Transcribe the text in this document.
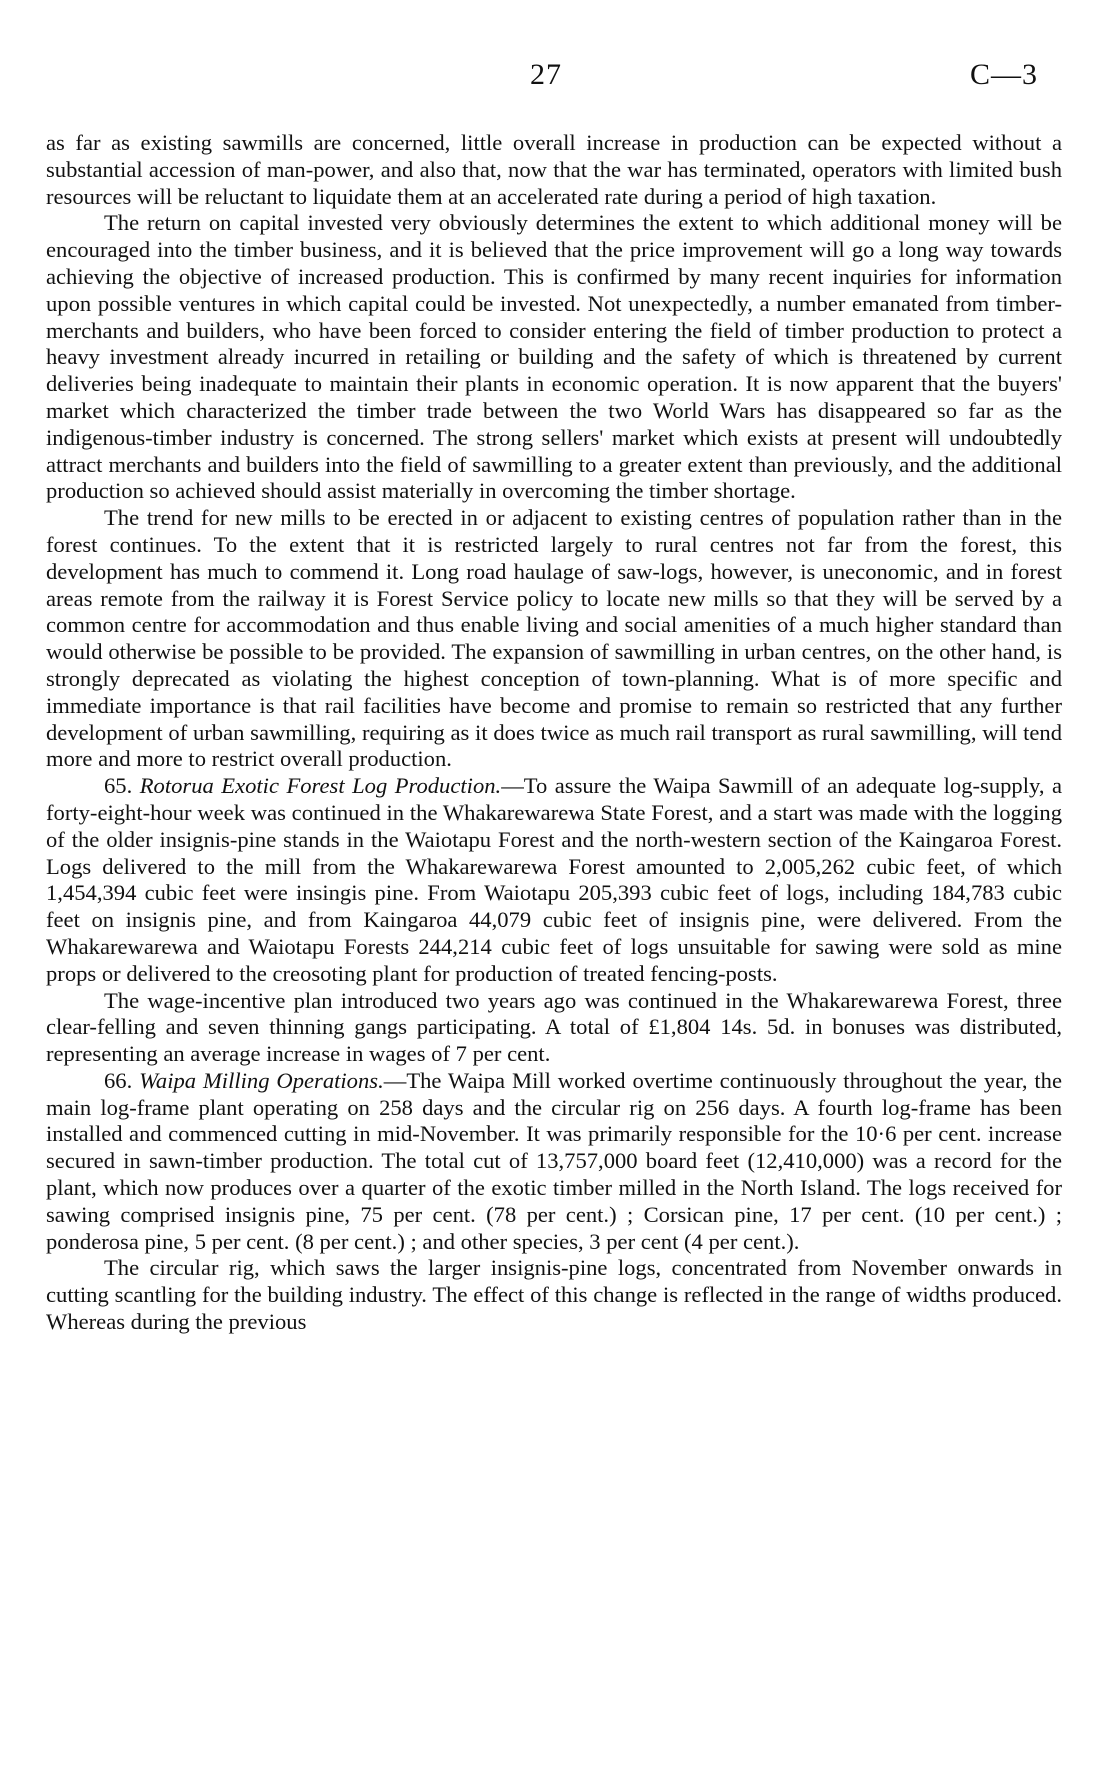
27	C—3

as far as existing sawmills are concerned, little overall increase in production can be expected without a substantial accession of man-power, and also that, now that the war has terminated, operators with limited bush resources will be reluctant to liquidate them at an accelerated rate during a period of high taxation.

The return on capital invested very obviously determines the extent to which additional money will be encouraged into the timber business, and it is believed that the price improvement will go a long way towards achieving the objective of increased production. This is confirmed by many recent inquiries for information upon possible ventures in which capital could be invested. Not unexpectedly, a number emanated from timber-merchants and builders, who have been forced to consider entering the field of timber production to protect a heavy investment already incurred in retailing or building and the safety of which is threatened by current deliveries being inadequate to maintain their plants in economic operation. It is now apparent that the buyers' market which characterized the timber trade between the two World Wars has disappeared so far as the indigenous-timber industry is concerned. The strong sellers' market which exists at present will undoubtedly attract merchants and builders into the field of sawmilling to a greater extent than previously, and the additional production so achieved should assist materially in overcoming the timber shortage.

The trend for new mills to be erected in or adjacent to existing centres of population rather than in the forest continues. To the extent that it is restricted largely to rural centres not far from the forest, this development has much to commend it. Long road haulage of saw-logs, however, is uneconomic, and in forest areas remote from the railway it is Forest Service policy to locate new mills so that they will be served by a common centre for accommodation and thus enable living and social amenities of a much higher standard than would otherwise be possible to be provided. The expansion of sawmilling in urban centres, on the other hand, is strongly deprecated as violating the highest conception of town-planning. What is of more specific and immediate importance is that rail facilities have become and promise to remain so restricted that any further development of urban sawmilling, requiring as it does twice as much rail transport as rural sawmilling, will tend more and more to restrict overall production.

65. Rotorua Exotic Forest Log Production.—To assure the Waipa Sawmill of an adequate log-supply, a forty-eight-hour week was continued in the Whakarewarewa State Forest, and a start was made with the logging of the older insignis-pine stands in the Waiotapu Forest and the north-western section of the Kaingaroa Forest. Logs delivered to the mill from the Whakarewarewa Forest amounted to 2,005,262 cubic feet, of which 1,454,394 cubic feet were insingis pine. From Waiotapu 205,393 cubic feet of logs, including 184,783 cubic feet on insignis pine, and from Kaingaroa 44,079 cubic feet of insignis pine, were delivered. From the Whakarewarewa and Waiotapu Forests 244,214 cubic feet of logs unsuitable for sawing were sold as mine props or delivered to the creosoting plant for production of treated fencing-posts.

The wage-incentive plan introduced two years ago was continued in the Whakarewarewa Forest, three clear-felling and seven thinning gangs participating. A total of £1,804 14s. 5d. in bonuses was distributed, representing an average increase in wages of 7 per cent.

66. Waipa Milling Operations.—The Waipa Mill worked overtime continuously throughout the year, the main log-frame plant operating on 258 days and the circular rig on 256 days. A fourth log-frame has been installed and commenced cutting in mid-November. It was primarily responsible for the 10·6 per cent. increase secured in sawn-timber production. The total cut of 13,757,000 board feet (12,410,000) was a record for the plant, which now produces over a quarter of the exotic timber milled in the North Island. The logs received for sawing comprised insignis pine, 75 per cent. (78 per cent.) ; Corsican pine, 17 per cent. (10 per cent.) ; ponderosa pine, 5 per cent. (8 per cent.) ; and other species, 3 per cent (4 per cent.).

The circular rig, which saws the larger insignis-pine logs, concentrated from November onwards in cutting scantling for the building industry. The effect of this change is reflected in the range of widths produced. Whereas during the previous
